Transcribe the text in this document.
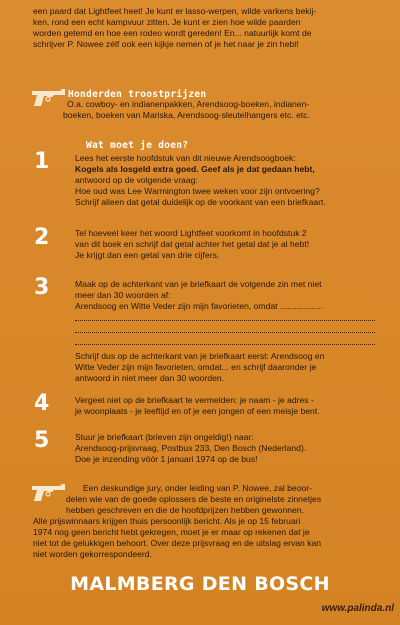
een paard dat Lightfeet heet! Je kunt er lasso-werpen, wilde varkens bekij-
ken, rond een echt kampvuur zitten. Je kunt er zien hoe wilde paarden
worden getemd en hoe een rodeo wordt gereden! En... natuurlijk komt de
schrijver P. Nowee zélf ook een kijkje nemen of je het naar je zin hebt!
Honderden troostprijzen
O.a. cowboy- en indianenpakken, Arendsoog-boeken, indianen-
boeken, boeken van Mariska, Arendsoog-sleutelhangers etc. etc.
Wat moet je doen?
1	Lees het eerste hoofdstuk van dit nieuwe Arendsoogboek:
Kogels als losgeld extra goed. Geef als je dat gedaan hebt,
antwoord op de volgende vraag:
Hoe oud was Lee Warmington twee weken voor zijn ontvoering?
Schrijf alleen dat getal duidelijk op de voorkant van een briefkaart.
2	Tel hoeveel keer het woord Lightfeet voorkomt in hoofdstuk 2
van dit boek en schrijf dat getal achter het getal dat je al hebt!
Je krijgt dan een getal van drie cijfers.
3	Maak op de achterkant van je briefkaart de volgende zin met niet
meer dan 30 woorden af:
Arendsoog en Witte Veder zijn mijn favorieten, omdat ..................
Schrijf dus op de achterkant van je briefkaart eerst: Arendsoog en
Witte Veder zijn mijn favorieten, omdat... en schrijf daaronder je
antwoord in niet meer dan 30 woorden.
4	Vergeet niet op de briefkaart te vermelden: je naam - je adres -
je woonplaats - je leeftijd en of je een jongen of een meisje bent.
5	Stuur je briefkaart (brieven zijn ongeldig!) naar:
Arendsoog-prijsvraag, Postbus 233, Den Bosch (Nederland).
Doe je inzending vóór 1 januari 1974 op de bus!
Een deskundige jury, onder leiding van P. Nowee, zal beoor-
delen wie van de goede oplossers de beste en originelste zinnetjes
hebben geschreven en die de hoofdprijzen hebben gewonnen.
Alle prijswinnaars krijgen thuis persoonlijk bericht. Als je op 15 februari
1974 nog geen bericht hebt gekregen, moet je er maar op rekenen dat je
niet tot de gelukkigen behoort. Over deze prijsvraag en de uitslag ervan kan
niet worden gekorrespondeerd.
MALMBERG DEN BOSCH
www.palinda.nl
